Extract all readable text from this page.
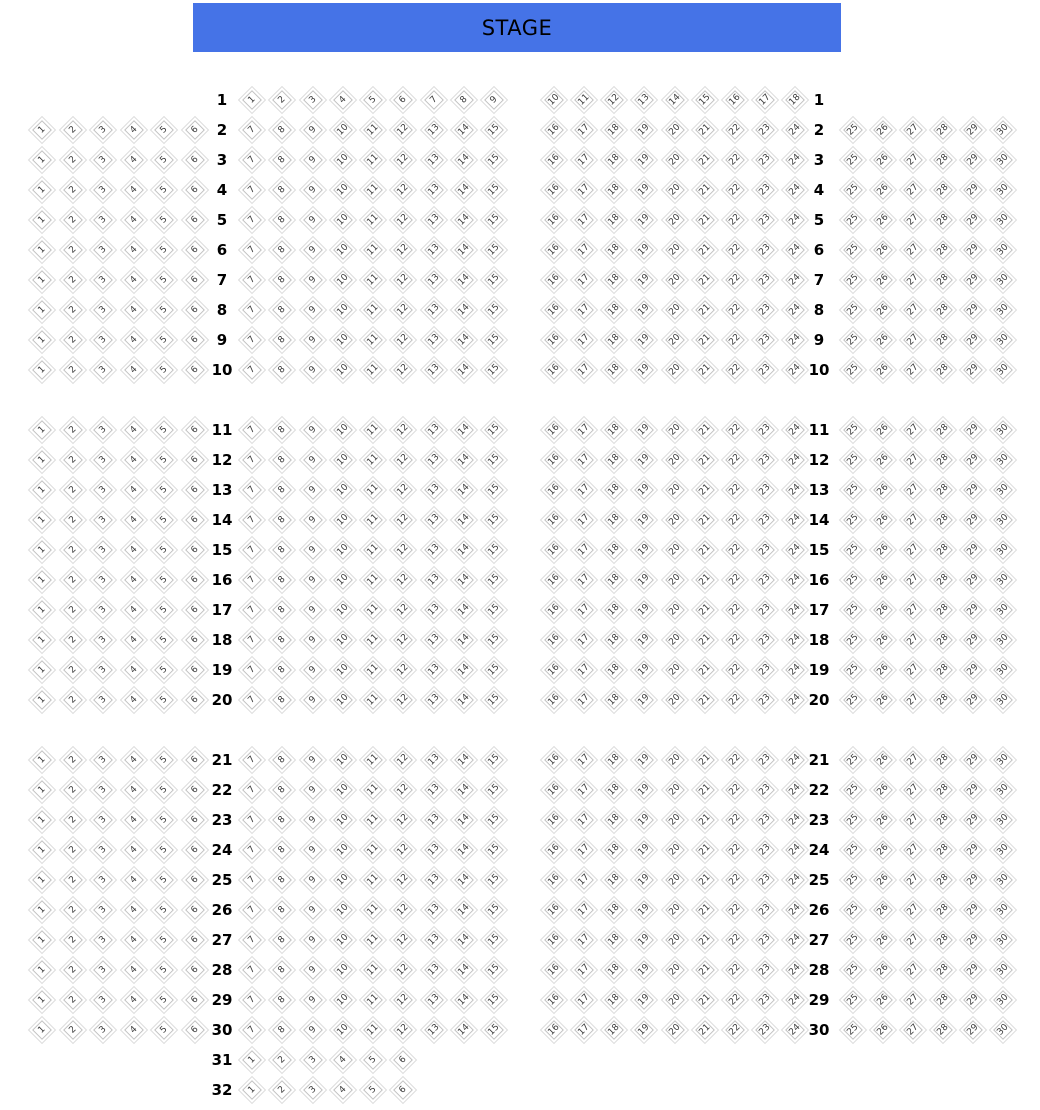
STAGE
1	1
1 2 3 4 5 6 7 8 9	10 11 12 13 14 15 16 17 18
2	2
1 2 3 4 5 6	7 8 9 10 11 12 13 14 15	16 17 18 19 20 21 22 23 24	25 26 27 28 29 30
3	3
1 2 3 4 5 6	7 8 9 10 11 12 13 14 15	16 17 18 19 20 21 22 23 24	25 26 27 28 29 30
4	4
1 2 3 4 5 6	7 8 9 10 11 12 13 14 15	16 17 18 19 20 21 22 23 24	25 26 27 28 29 30
5	5
1 2 3 4 5 6	7 8 9 10 11 12 13 14 15	16 17 18 19 20 21 22 23 24	25 26 27 28 29 30
6	6
1 2 3 4 5 6	7 8 9 10 11 12 13 14 15	16 17 18 19 20 21 22 23 24	25 26 27 28 29 30
7	7
1 2 3 4 5 6	7 8 9 10 11 12 13 14 15	16 17 18 19 20 21 22 23 24	25 26 27 28 29 30
8	8
1 2 3 4 5 6	7 8 9 10 11 12 13 14 15	16 17 18 19 20 21 22 23 24	25 26 27 28 29 30
9	9
1 2 3 4 5 6	7 8 9 10 11 12 13 14 15	16 17 18 19 20 21 22 23 24	25 26 27 28 29 30
10	10
1 2 3 4 5 6	7 8 9 10 11 12 13 14 15	16 17 18 19 20 21 22 23 24	25 26 27 28 29 30
11	11
1 2 3 4 5 6	7 8 9 10 11 12 13 14 15	16 17 18 19 20 21 22 23 24	25 26 27 28 29 30
12	12
1 2 3 4 5 6	7 8 9 10 11 12 13 14 15	16 17 18 19 20 21 22 23 24	25 26 27 28 29 30
13	13
1 2 3 4 5 6	7 8 9 10 11 12 13 14 15	16 17 18 19 20 21 22 23 24	25 26 27 28 29 30
14	14
1 2 3 4 5 6	7 8 9 10 11 12 13 14 15	16 17 18 19 20 21 22 23 24	25 26 27 28 29 30
15	15
1 2 3 4 5 6	7 8 9 10 11 12 13 14 15	16 17 18 19 20 21 22 23 24	25 26 27 28 29 30
16	16
1 2 3 4 5 6	7 8 9 10 11 12 13 14 15	16 17 18 19 20 21 22 23 24	25 26 27 28 29 30
17	17
1 2 3 4 5 6	7 8 9 10 11 12 13 14 15	16 17 18 19 20 21 22 23 24	25 26 27 28 29 30
18	18
1 2 3 4 5 6	7 8 9 10 11 12 13 14 15	16 17 18 19 20 21 22 23 24	25 26 27 28 29 30
19	19
1 2 3 4 5 6	7 8 9 10 11 12 13 14 15	16 17 18 19 20 21 22 23 24	25 26 27 28 29 30
20	20
1 2 3 4 5 6	7 8 9 10 11 12 13 14 15	16 17 18 19 20 21 22 23 24	25 26 27 28 29 30
21	21
1 2 3 4 5 6	7 8 9 10 11 12 13 14 15	16 17 18 19 20 21 22 23 24	25 26 27 28 29 30
22	22
1 2 3 4 5 6	7 8 9 10 11 12 13 14 15	16 17 18 19 20 21 22 23 24	25 26 27 28 29 30
23	23
1 2 3 4 5 6	7 8 9 10 11 12 13 14 15	16 17 18 19 20 21 22 23 24	25 26 27 28 29 30
24	24
1 2 3 4 5 6	7 8 9 10 11 12 13 14 15	16 17 18 19 20 21 22 23 24	25 26 27 28 29 30
25	25
1 2 3 4 5 6	7 8 9 10 11 12 13 14 15	16 17 18 19 20 21 22 23 24	25 26 27 28 29 30
26	26
1 2 3 4 5 6	7 8 9 10 11 12 13 14 15	16 17 18 19 20 21 22 23 24	25 26 27 28 29 30
27	27
1 2 3 4 5 6	7 8 9 10 11 12 13 14 15	16 17 18 19 20 21 22 23 24	25 26 27 28 29 30
28	28
1 2 3 4 5 6	7 8 9 10 11 12 13 14 15	16 17 18 19 20 21 22 23 24	25 26 27 28 29 30
29	29
1 2 3 4 5 6	7 8 9 10 11 12 13 14 15	16 17 18 19 20 21 22 23 24	25 26 27 28 29 30
30	30
1 2 3 4 5 6	7 8 9 10 11 12 13 14 15	16 17 18 19 20 21 22 23 24	25 26 27 28 29 30
31 1 2 3 4 5 6
32 1 2 3 4 5 6
